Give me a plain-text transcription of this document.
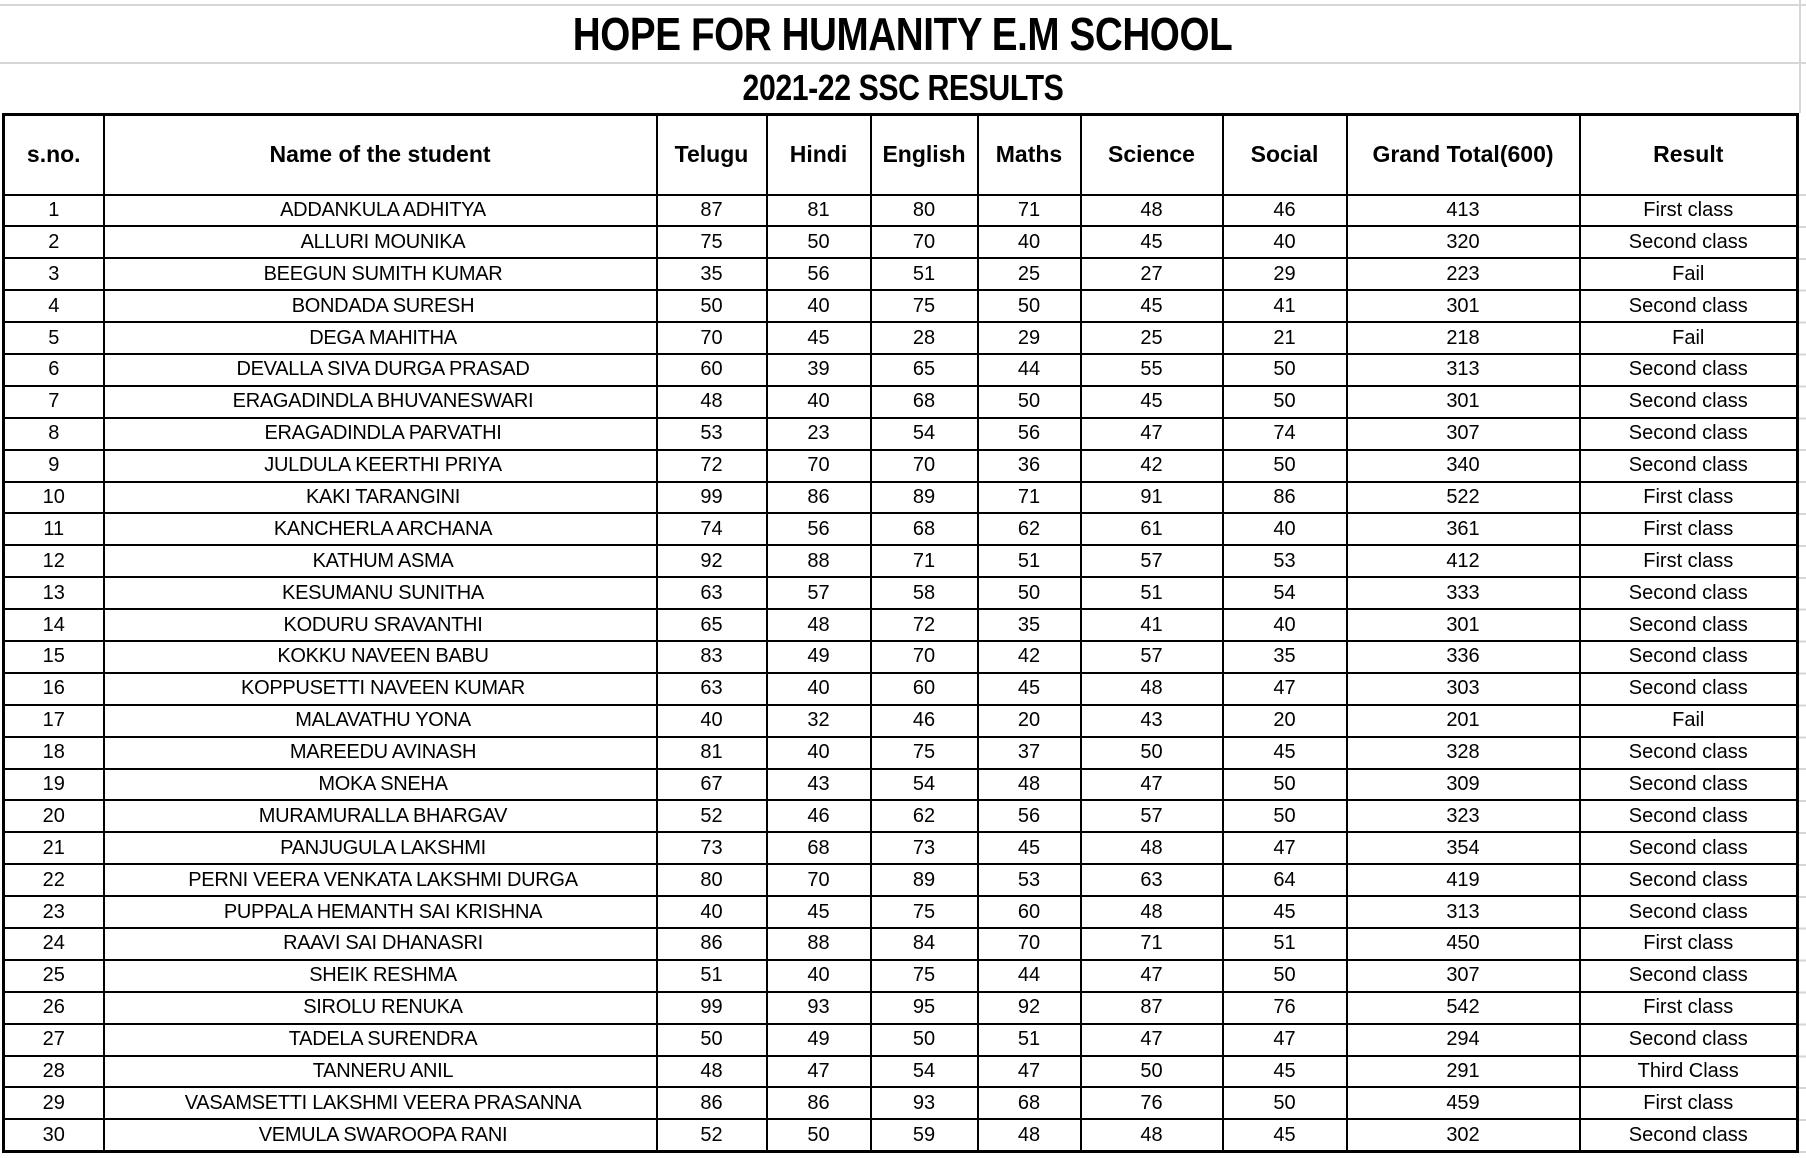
HOPE FOR HUMANITY E.M SCHOOL
2021-22 SSC RESULTS
s.no.	Name of the student	Telugu	Hindi	English	Maths	Science	Social	Grand Total(600)	Result
1	ADDANKULA ADHITYA	87	81	80	71	48	46	413	First class
2	ALLURI MOUNIKA	75	50	70	40	45	40	320	Second class
3	BEEGUN SUMITH KUMAR	35	56	51	25	27	29	223	Fail
4	BONDADA SURESH	50	40	75	50	45	41	301	Second class
5	DEGA MAHITHA	70	45	28	29	25	21	218	Fail
6	DEVALLA SIVA DURGA PRASAD	60	39	65	44	55	50	313	Second class
7	ERAGADINDLA BHUVANESWARI	48	40	68	50	45	50	301	Second class
8	ERAGADINDLA PARVATHI	53	23	54	56	47	74	307	Second class
9	JULDULA KEERTHI PRIYA	72	70	70	36	42	50	340	Second class
10	KAKI TARANGINI	99	86	89	71	91	86	522	First class
11	KANCHERLA ARCHANA	74	56	68	62	61	40	361	First class
12	KATHUM ASMA	92	88	71	51	57	53	412	First class
13	KESUMANU SUNITHA	63	57	58	50	51	54	333	Second class
14	KODURU SRAVANTHI	65	48	72	35	41	40	301	Second class
15	KOKKU NAVEEN BABU	83	49	70	42	57	35	336	Second class
16	KOPPUSETTI NAVEEN KUMAR	63	40	60	45	48	47	303	Second class
17	MALAVATHU YONA	40	32	46	20	43	20	201	Fail
18	MAREEDU AVINASH	81	40	75	37	50	45	328	Second class
19	MOKA SNEHA	67	43	54	48	47	50	309	Second class
20	MURAMURALLA BHARGAV	52	46	62	56	57	50	323	Second class
21	PANJUGULA LAKSHMI	73	68	73	45	48	47	354	Second class
22	PERNI VEERA VENKATA LAKSHMI DURGA	80	70	89	53	63	64	419	Second class
23	PUPPALA HEMANTH SAI KRISHNA	40	45	75	60	48	45	313	Second class
24	RAAVI SAI DHANASRI	86	88	84	70	71	51	450	First class
25	SHEIK RESHMA	51	40	75	44	47	50	307	Second class
26	SIROLU RENUKA	99	93	95	92	87	76	542	First class
27	TADELA SURENDRA	50	49	50	51	47	47	294	Second class
28	TANNERU ANIL	48	47	54	47	50	45	291	Third Class
29	VASAMSETTI LAKSHMI VEERA PRASANNA	86	86	93	68	76	50	459	First class
30	VEMULA SWAROOPA RANI	52	50	59	48	48	45	302	Second class
